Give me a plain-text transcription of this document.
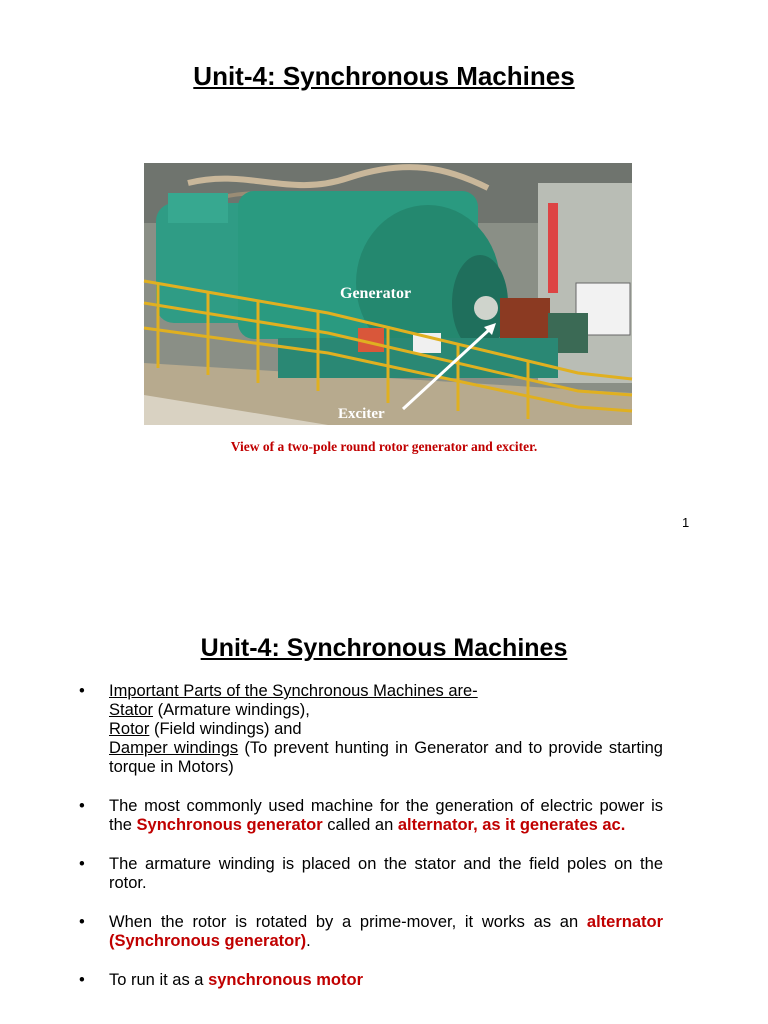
Unit-4: Synchronous Machines
Generator
Exciter
View of a two-pole round rotor generator and exciter.
1
Unit-4: Synchronous Machines
• Important Parts of the Synchronous Machines are-
Stator (Armature windings),
Rotor (Field windings) and
Damper windings (To prevent hunting in Generator and to provide starting torque in Motors)

• The most commonly used machine for the generation of electric power is the Synchronous generator called an alternator, as it generates ac.

• The armature winding is placed on the stator and the field poles on the rotor.

• When the rotor is rotated by a prime-mover, it works as an alternator (Synchronous generator).

• To run it as a synchronous motor
